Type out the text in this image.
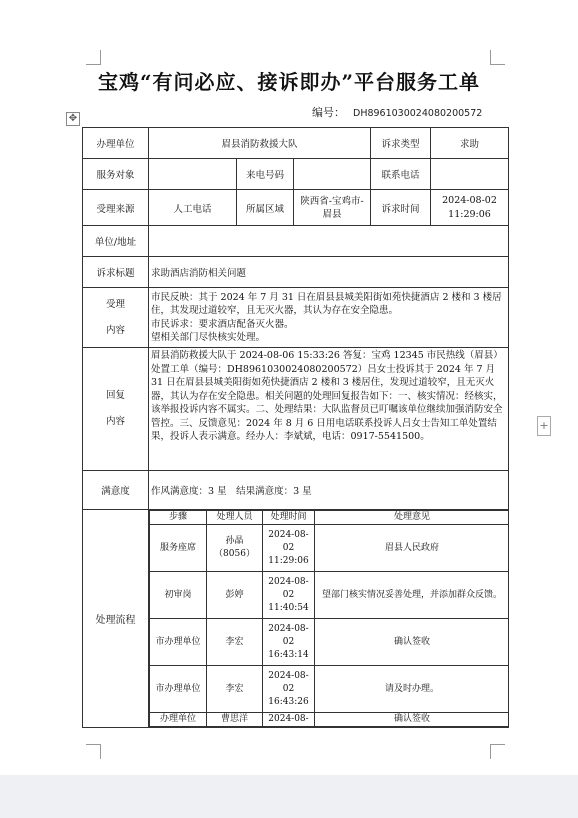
宝鸡“有问必应、接诉即办”平台服务工单
编号： DH8961030024080200572
✥
办理单位	眉县消防救援大队	诉求类型	求助
服务对象		来电号码		联系电话	
受理来源	人工电话	所属区域	陕西省-宝鸡市-眉县	诉求时间	2024-08-02 11:29:06
单位/地址	
诉求标题	求助酒店消防相关问题

受理
内容

市民反映：其于 2024 年 7 月 31 日在眉县县城美阳街如苑快捷酒店 2 楼和 3 楼居住，其发现过道较窄，且无灭火器，其认为存在安全隐患。
市民诉求：要求酒店配备灭火器。
望相关部门尽快核实处理。

回复
内容
	眉县消防救援大队于 2024-08-06 15:33:26 答复：宝鸡 12345 市民热线（眉县）处置工单（编号：DH8961030024080200572）吕女士投诉其于 2024 年 7 月 31 日在眉县县城美阳街如苑快捷酒店 2 楼和 3 楼居住，发现过道较窄，且无灭火器，其认为存在安全隐患。相关问题的处理回复报告如下：一、核实情况：经核实，该举报投诉内容不属实。二、处理结果：大队监督员已叮嘱该单位继续加强消防安全管控。三、反馈意见：2024 年 8 月 6 日用电话联系投诉人吕女士告知工单处置结果，投诉人表示满意。经办人：李斌斌，电话：0917-5541500。
满意度	作风满意度：3 星　结果满意度：3 星
处理流程	
步骤	处理人员	处理时间	处理意见
服务座席	孙晶（8056）	2024-08-02 11:29:06	眉县人民政府
初审岗	彭婷	2024-08-02 11:40:54	望部门核实情况妥善处理，并添加群众反馈。
市办理单位	李宏	2024-08-02 16:43:14	确认签收
市办理单位	李宏	2024-08-02 16:43:26	请及时办理。
办理单位	曹思洋	2024-08-	确认签收
+
